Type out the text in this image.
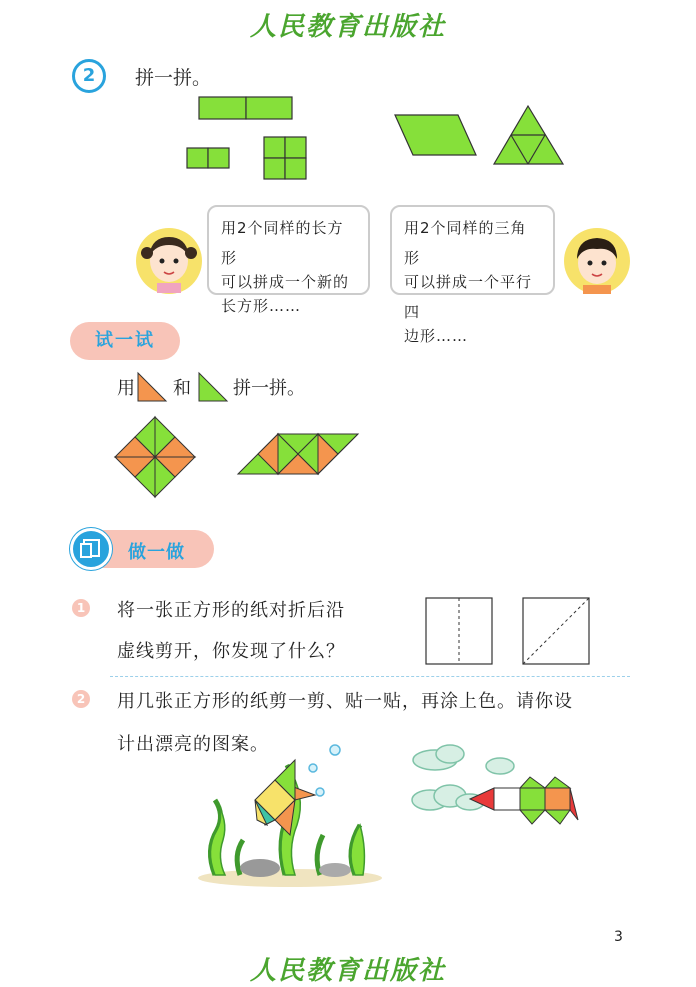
人民教育出版社
2	拼一拼。
用2个同样的长方形
可以拼成一个新的
长方形……
用2个同样的三角形
可以拼成一个平行四
边形……
试一试
用 和 拼一拼。
做一做
1 将一张正方形的纸对折后沿
虚线剪开，你发现了什么？
2 用几张正方形的纸剪一剪、贴一贴，再涂上色。请你设
计出漂亮的图案。
3
人民教育出版社
